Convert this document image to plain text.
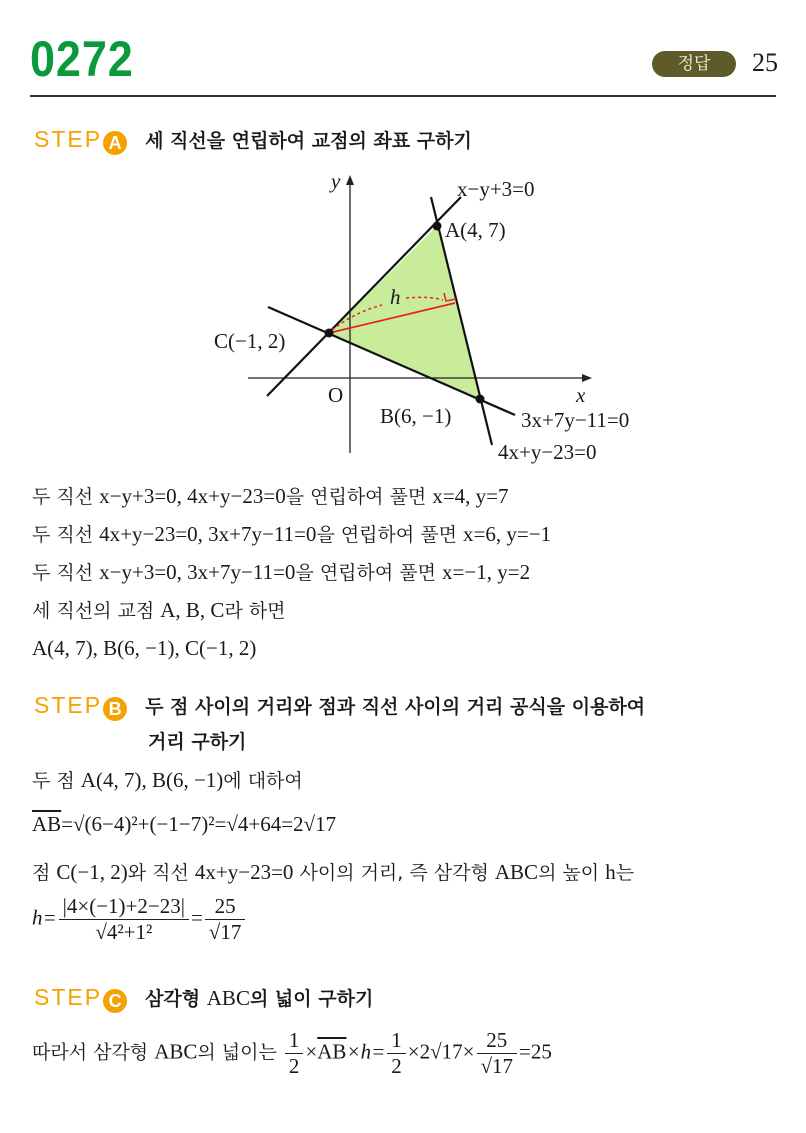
0272	정답	25
STEP A 세 직선을 연립하여 교점의 좌표 구하기
y
x
O
x−y+3=0
3x+7y−11=0
4x+y−23=0
A(4, 7)
B(6, −1)
C(−1, 2)
h
두 직선 x−y+3=0, 4x+y−23=0을 연립하여 풀면 x=4, y=7
두 직선 4x+y−23=0, 3x+7y−11=0을 연립하여 풀면 x=6, y=−1
두 직선 x−y+3=0, 3x+7y−11=0을 연립하여 풀면 x=−1, y=2
세 직선의 교점 A, B, C라 하면
A(4, 7), B(6, −1), C(−1, 2)
STEP B 두 점 사이의 거리와 점과 직선 사이의 거리 공식을 이용하여
거리 구하기
두 점 A(4, 7), B(6, −1)에 대하여
$\overline{AB}=√(6-4)^2+(-1-7)^2=√4+64=2√17$
점 C(−1, 2)와 직선 4x+y−23=0 사이의 거리, 즉 삼각형 ABC의 높이 h는
$h= \frac{|4\times(-1)+2-23|}{\text{√4²+1²}} = \frac{25}{√17}$
STEP C 삼각형 ABC의 넓이 구하기
따라서 삼각형 ABC의 넓이는 $\frac{1}{2} \times\overline{AB}\times h= \frac{1}{2} \times 2√17\times \frac{25}{√17} =25$
